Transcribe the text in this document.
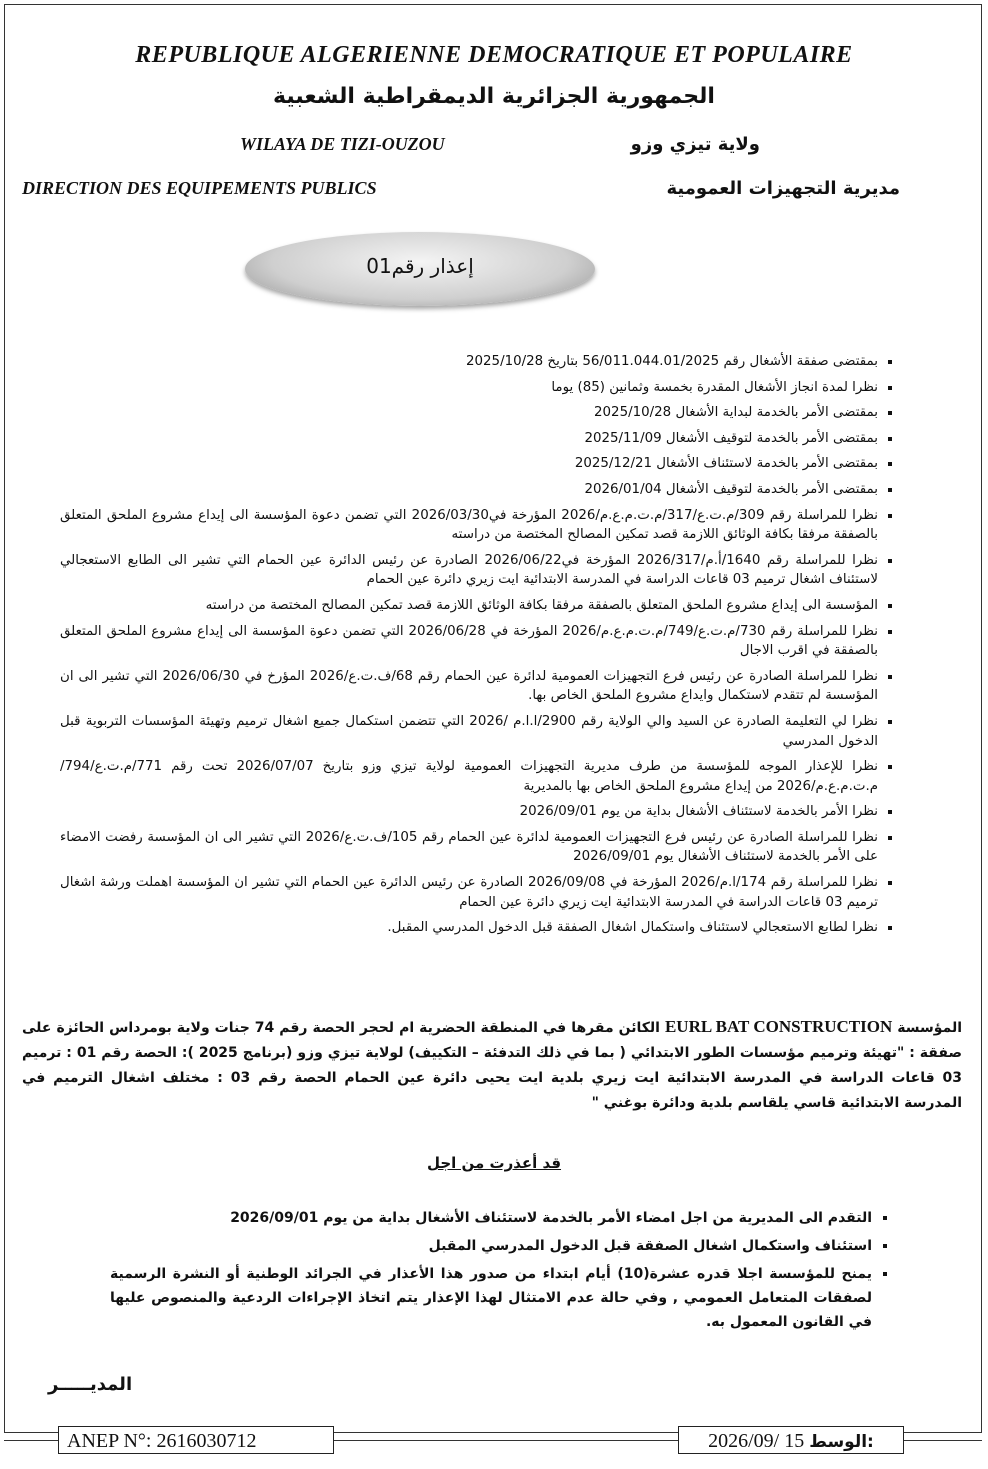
REPUBLIQUE ALGERIENNE DEMOCRATIQUE ET POPULAIRE
الجمهورية الجزائرية الديمقراطية الشعبية
WILAYA DE TIZI-OUZOU	ولاية تيزي وزو
DIRECTION DES EQUIPEMENTS PUBLICS	مديرية التجهيزات العمومية
إعذار رقم01
▪ بمقتضى صفقة الأشغال رقم 56/011.044.01/2025 بتاريخ 2025/10/28
▪ نظرا لمدة انجاز الأشغال المقدرة بخمسة وثمانين (85) يوما
▪ بمقتضى الأمر بالخدمة لبداية الأشغال 2025/10/28
▪ بمقتضى الأمر بالخدمة لتوقيف الأشغال 2025/11/09
▪ بمقتضى الأمر بالخدمة لاستئناف الأشغال 2025/12/21
▪ بمقتضى الأمر بالخدمة لتوقيف الأشغال 2026/01/04
▪ نظرا للمراسلة رقم 309/م.ت.ع/317/م.ت.م.ع.م/2026 المؤرخة في2026/03/30 التي تضمن دعوة المؤسسة الى إيداع مشروع الملحق المتعلق بالصفقة مرفقا بكافة الوثائق اللازمة قصد تمكين المصالح المختصة من دراسته
▪ نظرا للمراسلة رقم 1640/أ.م/2026/317 المؤرخة في2026/06/22 الصادرة عن رئيس الدائرة عين الحمام التي تشير الى الطابع الاستعجالي لاستئناف اشغال ترميم 03 قاعات الدراسة في المدرسة الابتدائية ايت زيري دائرة عين الحمام
▪ المؤسسة الى إيداع مشروع الملحق المتعلق بالصفقة مرفقا بكافة الوثائق اللازمة قصد تمكين المصالح المختصة من دراسته
▪ نظرا للمراسلة رقم 730/م.ت.ع/749/م.ت.م.ع.م/2026 المؤرخة في 2026/06/28 التي تضمن دعوة المؤسسة الى إيداع مشروع الملحق المتعلق بالصفقة في اقرب الاجال
▪ نظرا للمراسلة الصادرة عن رئيس فرع التجهيزات العمومية لدائرة عين الحمام رقم 68/ف.ت.ع/2026 المؤرخ في 2026/06/30 التي تشير الى ان المؤسسة لم تتقدم لاستكمال وايداع مشروع الملحق الخاص بها.
▪ نظرا لي التعليمة الصادرة عن السيد والي الولاية رقم 2900/ا.ا.م /2026 التي تتضمن استكمال جميع اشغال ترميم وتهيئة المؤسسات التربوية قبل الدخول المدرسي
▪ نظرا للإعذار الموجه للمؤسسة من طرف مديرية التجهيزات العمومية لولاية تيزي وزو بتاريخ 2026/07/07 تحت رقم 771/م.ت.ع/794/م.ت.م.ع.م/2026 من إيداع مشروع الملحق الخاص بها بالمديرية
▪ نظرا الأمر بالخدمة لاستئناف الأشغال بداية من يوم 2026/09/01
▪ نظرا للمراسلة الصادرة عن رئيس فرع التجهيزات العمومية لدائرة عين الحمام رقم 105/ف.ت.ع/2026 التي تشير الى ان المؤسسة رفضت الامضاء على الأمر بالخدمة لاستئناف الأشغال يوم 2026/09/01
▪ نظرا للمراسلة رقم 174/ا.م/2026 المؤرخة في 2026/09/08 الصادرة عن رئيس الدائرة عين الحمام التي تشير ان المؤسسة اهملت ورشة اشغال ترميم 03 قاعات الدراسة في المدرسة الابتدائية ايت زيري دائرة عين الحمام
▪ نظرا لطابع الاستعجالي لاستئناف واستكمال اشغال الصفقة قبل الدخول المدرسي المقبل.
المؤسسة EURL BAT CONSTRUCTION الكائن مقرها في المنطقة الحضرية ام لحجر الحصة رقم 74 جنات ولاية بومرداس الحائزة على صفقة : "تهيئة وترميم مؤسسات الطور الابتدائي ( بما في ذلك التدفئة – التكييف) لولاية تيزي وزو (برنامج 2025 ): الحصة رقم 01 : ترميم 03 قاعات الدراسة في المدرسة الابتدائية ايت زيري بلدية ايت يحيى دائرة عين الحمام الحصة رقم 03 : مختلف اشغال الترميم في المدرسة الابتدائية قاسي يلقاسم بلدية ودائرة بوغني "
قد أعذرت من اجل
▪ التقدم الى المديرية من اجل امضاء الأمر بالخدمة لاستئناف الأشغال بداية من يوم 2026/09/01
▪ استئناف واستكمال اشغال الصفقة قبل الدخول المدرسي المقبل
▪ يمنح للمؤسسة اجلا قدره عشرة(10) أيام ابتداء من صدور هذا الأعذار في الجرائد الوطنية أو النشرة الرسمية لصفقات المتعامل العمومي , وفي حالة عدم الامتثال لهذا الإعذار يتم اتخاذ الإجراءات الردعية والمنصوص عليها في القانون المعمول به.
المديـــــر
ANEP N°: 2616030712	2026/09/ 15 الوسط:
